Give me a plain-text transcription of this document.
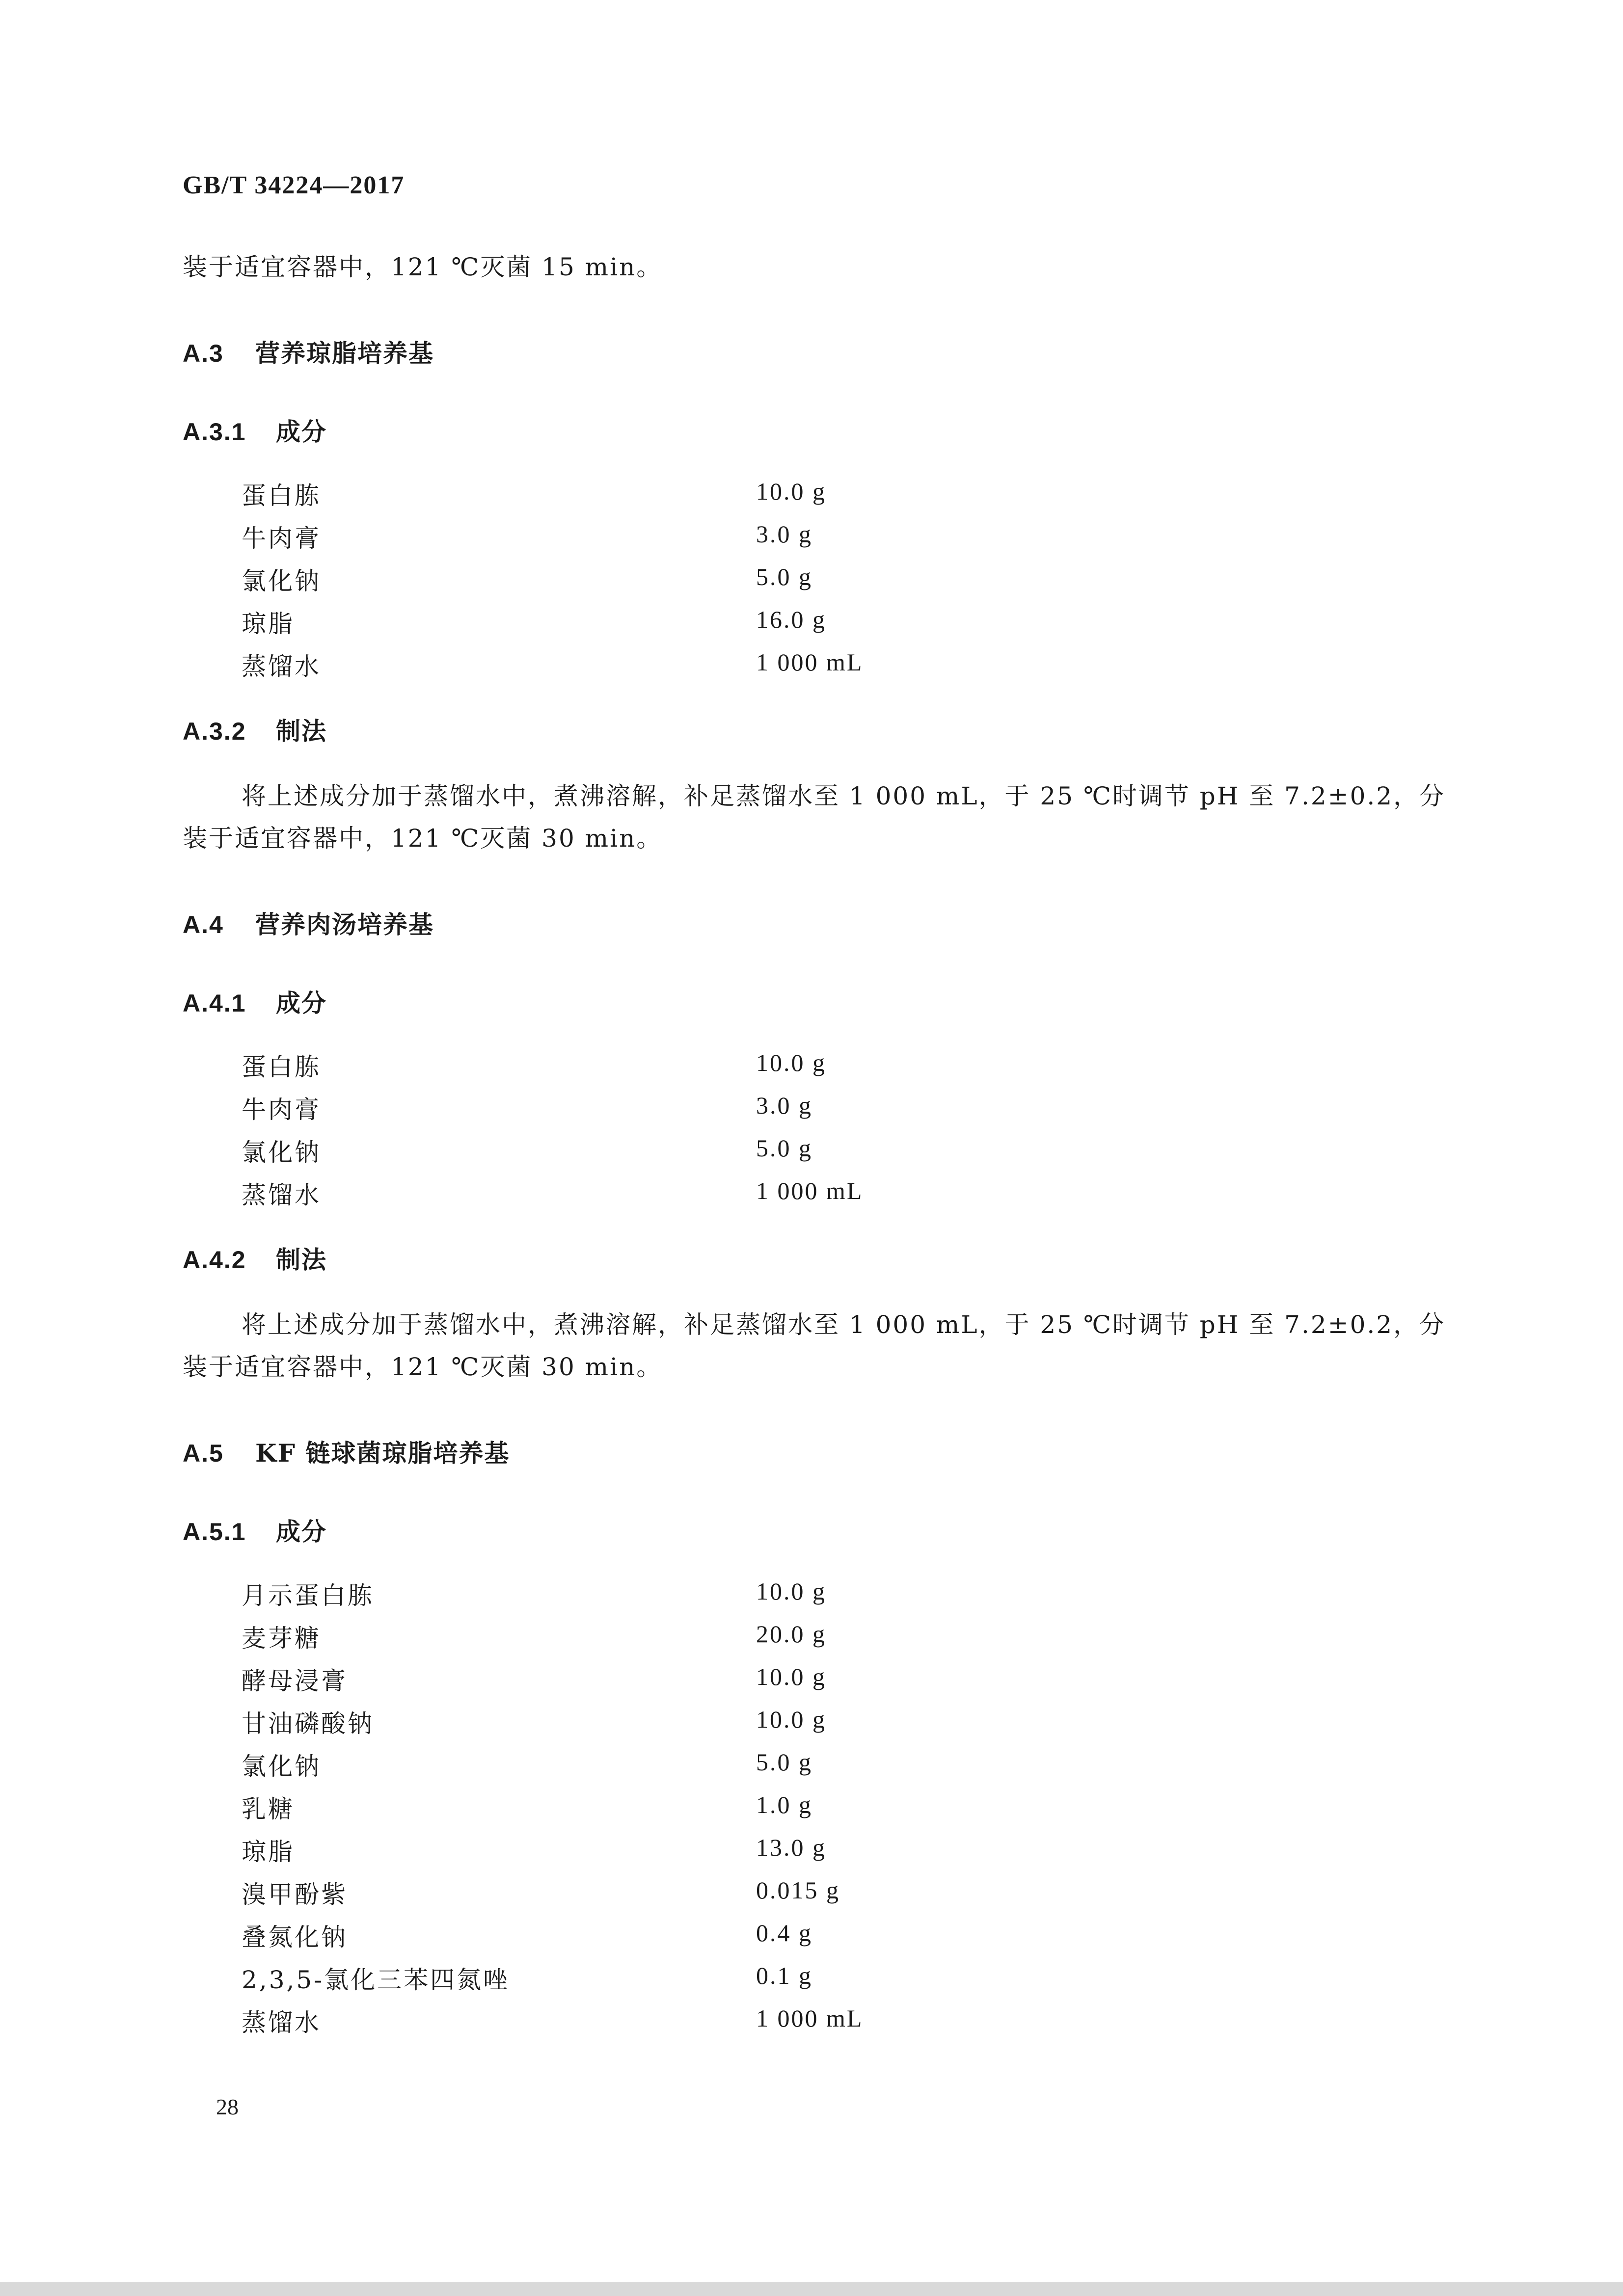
GB/T 34224—2017
装于适宜容器中，121 ℃灭菌 15 min。
A.3 营养琼脂培养基
A.3.1 成分
蛋白胨	10.0 g
牛肉膏	3.0 g
氯化钠	5.0 g
琼脂	16.0 g
蒸馏水	1 000 mL
A.3.2 制法
将上述成分加于蒸馏水中，煮沸溶解，补足蒸馏水至 1 000 mL，于 25 ℃时调节 pH 至 7.2±0.2，分
装于适宜容器中，121 ℃灭菌 30 min。
A.4 营养肉汤培养基
A.4.1 成分
蛋白胨	10.0 g
牛肉膏	3.0 g
氯化钠	5.0 g
蒸馏水	1 000 mL
A.4.2 制法
将上述成分加于蒸馏水中，煮沸溶解，补足蒸馏水至 1 000 mL，于 25 ℃时调节 pH 至 7.2±0.2，分
装于适宜容器中，121 ℃灭菌 30 min。
A.5 KF 链球菌琼脂培养基
A.5.1 成分
月示蛋白胨	10.0 g
麦芽糖	20.0 g
酵母浸膏	10.0 g
甘油磷酸钠	10.0 g
氯化钠	5.0 g
乳糖	1.0 g
琼脂	13.0 g
溴甲酚紫	0.015 g
叠氮化钠	0.4 g
2,3,5-氯化三苯四氮唑	0.1 g
蒸馏水	1 000 mL
28
